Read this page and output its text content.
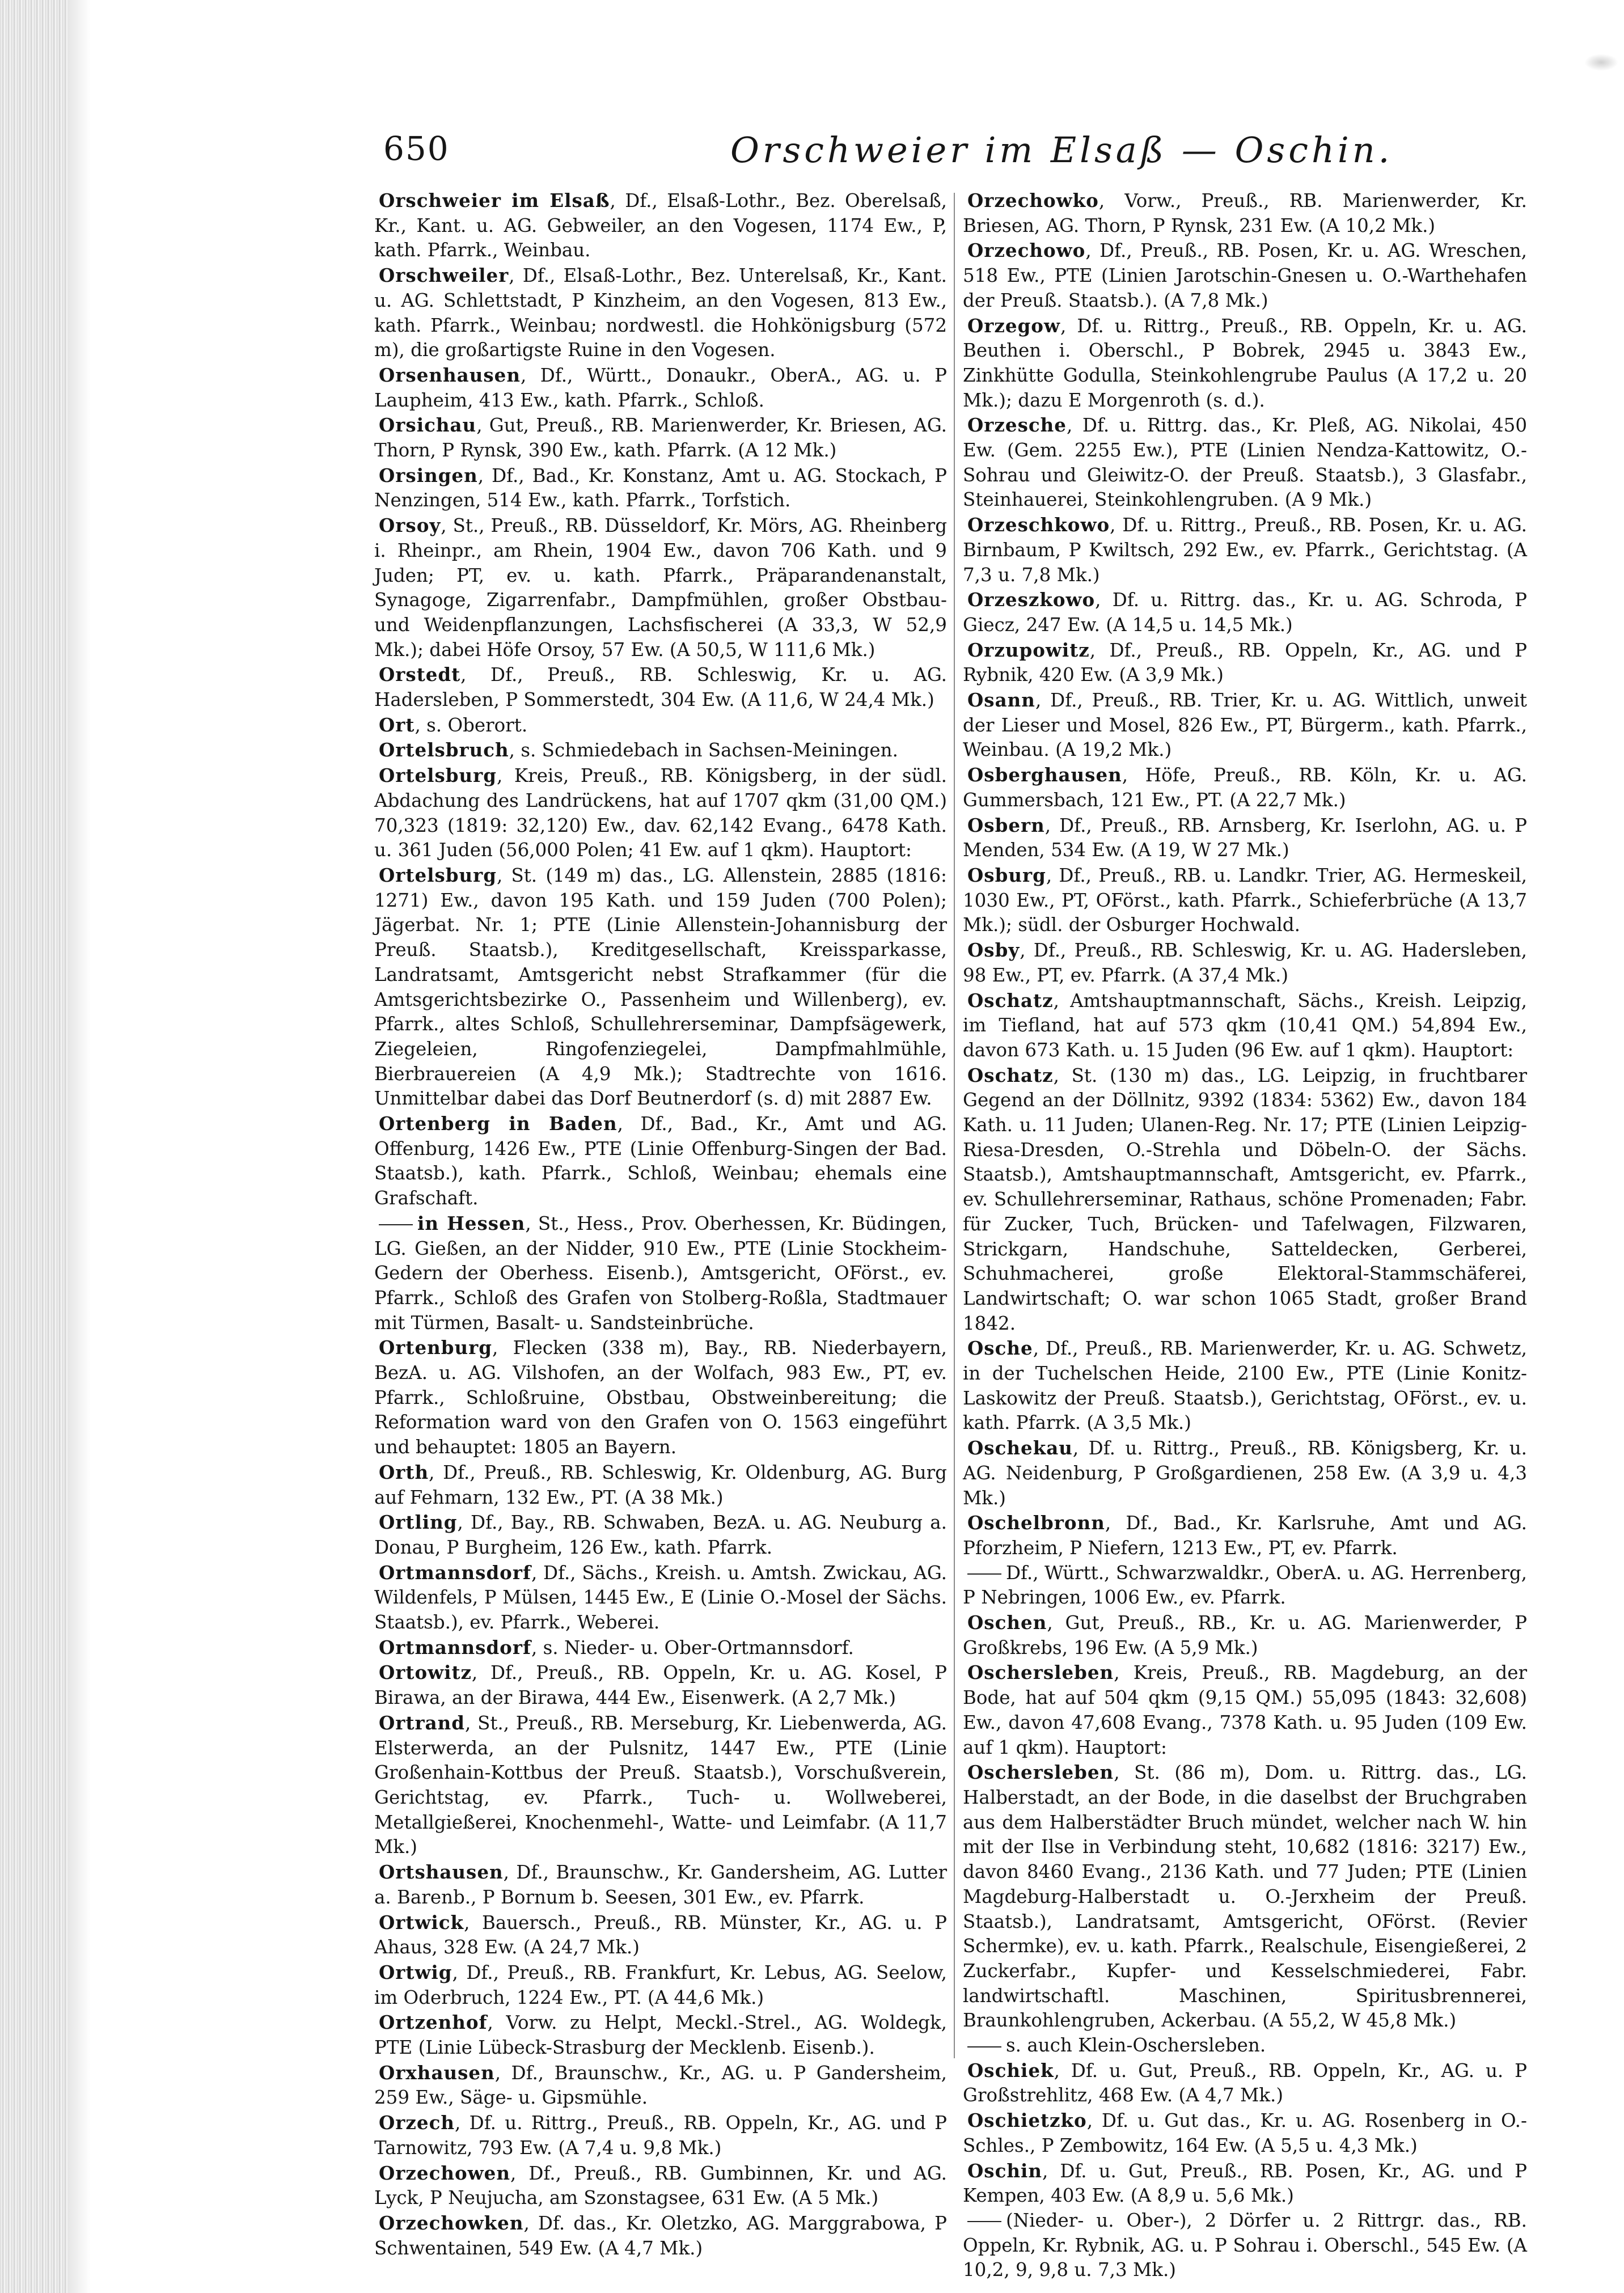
650	Orschweier im Elsaß — Oschin.

Orschweier im Elsaß, Df., Elsaß-Lothr., Bez. Oberelsaß, Kr., Kant. u. AG. Gebweiler, an den Vogesen, 1174 Ew., P, kath. Pfarrk., Weinbau.

Orschweiler, Df., Elsaß-Lothr., Bez. Unterelsaß, Kr., Kant. u. AG. Schlettstadt, P Kinzheim, an den Vogesen, 813 Ew., kath. Pfarrk., Weinbau; nordwestl. die Hohkönigsburg (572 m), die großartigste Ruine in den Vogesen.

Orsenhausen, Df., Württ., Donaukr., OberA., AG. u. P Laupheim, 413 Ew., kath. Pfarrk., Schloß.

Orsichau, Gut, Preuß., RB. Marienwerder, Kr. Briesen, AG. Thorn, P Rynsk, 390 Ew., kath. Pfarrk. (A 12 Mk.)

Orsingen, Df., Bad., Kr. Konstanz, Amt u. AG. Stockach, P Nenzingen, 514 Ew., kath. Pfarrk., Torfstich.

Orsoy, St., Preuß., RB. Düsseldorf, Kr. Mörs, AG. Rheinberg i. Rheinpr., am Rhein, 1904 Ew., davon 706 Kath. und 9 Juden; PT, ev. u. kath. Pfarrk., Präparandenanstalt, Synagoge, Zigarrenfabr., Dampfmühlen, großer Obstbau- und Weidenpflanzungen, Lachsfischerei (A 33,3, W 52,9 Mk.); dabei Höfe Orsoy, 57 Ew. (A 50,5, W 111,6 Mk.)

Orstedt, Df., Preuß., RB. Schleswig, Kr. u. AG. Hadersleben, P Sommerstedt, 304 Ew. (A 11,6, W 24,4 Mk.)

Ort, s. Oberort.

Ortelsbruch, s. Schmiedebach in Sachsen-Meiningen.

Ortelsburg, Kreis, Preuß., RB. Königsberg, in der südl. Abdachung des Landrückens, hat auf 1707 qkm (31,00 QM.) 70,323 (1819: 32,120) Ew., dav. 62,142 Evang., 6478 Kath. u. 361 Juden (56,000 Polen; 41 Ew. auf 1 qkm). Hauptort:

Ortelsburg, St. (149 m) das., LG. Allenstein, 2885 (1816: 1271) Ew., davon 195 Kath. und 159 Juden (700 Polen); Jägerbat. Nr. 1; PTE (Linie Allenstein-Johannisburg der Preuß. Staatsb.), Kreditgesellschaft, Kreissparkasse, Landratsamt, Amtsgericht nebst Strafkammer (für die Amtsgerichtsbezirke O., Passenheim und Willenberg), ev. Pfarrk., altes Schloß, Schullehrerseminar, Dampfsägewerk, Ziegeleien, Ringofenziegelei, Dampfmahlmühle, Bierbrauereien (A 4,9 Mk.); Stadtrechte von 1616. Unmittelbar dabei das Dorf Beutnerdorf (s. d) mit 2887 Ew.

Ortenberg in Baden, Df., Bad., Kr., Amt und AG. Offenburg, 1426 Ew., PTE (Linie Offenburg-Singen der Bad. Staatsb.), kath. Pfarrk., Schloß, Weinbau; ehemals eine Grafschaft.

in Hessen, St., Hess., Prov. Oberhessen, Kr. Büdingen, LG. Gießen, an der Nidder, 910 Ew., PTE (Linie Stockheim-Gedern der Oberhess. Eisenb.), Amtsgericht, OFörst., ev. Pfarrk., Schloß des Grafen von Stolberg-Roßla, Stadtmauer mit Türmen, Basalt- u. Sandsteinbrüche.

Ortenburg, Flecken (338 m), Bay., RB. Niederbayern, BezA. u. AG. Vilshofen, an der Wolfach, 983 Ew., PT, ev. Pfarrk., Schloßruine, Obstbau, Obstweinbereitung; die Reformation ward von den Grafen von O. 1563 eingeführt und behauptet: 1805 an Bayern.

Orth, Df., Preuß., RB. Schleswig, Kr. Oldenburg, AG. Burg auf Fehmarn, 132 Ew., PT. (A 38 Mk.)

Ortling, Df., Bay., RB. Schwaben, BezA. u. AG. Neuburg a. Donau, P Burgheim, 126 Ew., kath. Pfarrk.

Ortmannsdorf, Df., Sächs., Kreish. u. Amtsh. Zwickau, AG. Wildenfels, P Mülsen, 1445 Ew., E (Linie O.-Mosel der Sächs. Staatsb.), ev. Pfarrk., Weberei.

Ortmannsdorf, s. Nieder- u. Ober-Ortmannsdorf.

Ortowitz, Df., Preuß., RB. Oppeln, Kr. u. AG. Kosel, P Birawa, an der Birawa, 444 Ew., Eisenwerk. (A 2,7 Mk.)

Ortrand, St., Preuß., RB. Merseburg, Kr. Liebenwerda, AG. Elsterwerda, an der Pulsnitz, 1447 Ew., PTE (Linie Großenhain-Kottbus der Preuß. Staatsb.), Vorschußverein, Gerichtstag, ev. Pfarrk., Tuch- u. Wollweberei, Metallgießerei, Knochenmehl-, Watte- und Leimfabr. (A 11,7 Mk.)

Ortshausen, Df., Braunschw., Kr. Gandersheim, AG. Lutter a. Barenb., P Bornum b. Seesen, 301 Ew., ev. Pfarrk.

Ortwick, Bauersch., Preuß., RB. Münster, Kr., AG. u. P Ahaus, 328 Ew. (A 24,7 Mk.)

Ortwig, Df., Preuß., RB. Frankfurt, Kr. Lebus, AG. Seelow, im Oderbruch, 1224 Ew., PT. (A 44,6 Mk.)

Ortzenhof, Vorw. zu Helpt, Meckl.-Strel., AG. Woldegk, PTE (Linie Lübeck-Strasburg der Mecklenb. Eisenb.).

Orxhausen, Df., Braunschw., Kr., AG. u. P Gandersheim, 259 Ew., Säge- u. Gipsmühle.

Orzech, Df. u. Rittrg., Preuß., RB. Oppeln, Kr., AG. und P Tarnowitz, 793 Ew. (A 7,4 u. 9,8 Mk.)

Orzechowen, Df., Preuß., RB. Gumbinnen, Kr. und AG. Lyck, P Neujucha, am Szonstagsee, 631 Ew. (A 5 Mk.)

Orzechowken, Df. das., Kr. Oletzko, AG. Marggrabowa, P Schwentainen, 549 Ew. (A 4,7 Mk.)

Orzechowko, Vorw., Preuß., RB. Marienwerder, Kr. Briesen, AG. Thorn, P Rynsk, 231 Ew. (A 10,2 Mk.)

Orzechowo, Df., Preuß., RB. Posen, Kr. u. AG. Wreschen, 518 Ew., PTE (Linien Jarotschin-Gnesen u. O.-Warthehafen der Preuß. Staatsb.). (A 7,8 Mk.)

Orzegow, Df. u. Rittrg., Preuß., RB. Oppeln, Kr. u. AG. Beuthen i. Oberschl., P Bobrek, 2945 u. 3843 Ew., Zinkhütte Godulla, Steinkohlengrube Paulus (A 17,2 u. 20 Mk.); dazu E Morgenroth (s. d.).

Orzesche, Df. u. Rittrg. das., Kr. Pleß, AG. Nikolai, 450 Ew. (Gem. 2255 Ew.), PTE (Linien Nendza-Kattowitz, O.-Sohrau und Gleiwitz-O. der Preuß. Staatsb.), 3 Glasfabr., Steinhauerei, Steinkohlengruben. (A 9 Mk.)

Orzeschkowo, Df. u. Rittrg., Preuß., RB. Posen, Kr. u. AG. Birnbaum, P Kwiltsch, 292 Ew., ev. Pfarrk., Gerichtstag. (A 7,3 u. 7,8 Mk.)

Orzeszkowo, Df. u. Rittrg. das., Kr. u. AG. Schroda, P Giecz, 247 Ew. (A 14,5 u. 14,5 Mk.)

Orzupowitz, Df., Preuß., RB. Oppeln, Kr., AG. und P Rybnik, 420 Ew. (A 3,9 Mk.)

Osann, Df., Preuß., RB. Trier, Kr. u. AG. Wittlich, unweit der Lieser und Mosel, 826 Ew., PT, Bürgerm., kath. Pfarrk., Weinbau. (A 19,2 Mk.)

Osberghausen, Höfe, Preuß., RB. Köln, Kr. u. AG. Gummersbach, 121 Ew., PT. (A 22,7 Mk.)

Osbern, Df., Preuß., RB. Arnsberg, Kr. Iserlohn, AG. u. P Menden, 534 Ew. (A 19, W 27 Mk.)

Osburg, Df., Preuß., RB. u. Landkr. Trier, AG. Hermeskeil, 1030 Ew., PT, OFörst., kath. Pfarrk., Schieferbrüche (A 13,7 Mk.); südl. der Osburger Hochwald.

Osby, Df., Preuß., RB. Schleswig, Kr. u. AG. Hadersleben, 98 Ew., PT, ev. Pfarrk. (A 37,4 Mk.)

Oschatz, Amtshauptmannschaft, Sächs., Kreish. Leipzig, im Tiefland, hat auf 573 qkm (10,41 QM.) 54,894 Ew., davon 673 Kath. u. 15 Juden (96 Ew. auf 1 qkm). Hauptort:

Oschatz, St. (130 m) das., LG. Leipzig, in fruchtbarer Gegend an der Döllnitz, 9392 (1834: 5362) Ew., davon 184 Kath. u. 11 Juden; Ulanen-Reg. Nr. 17; PTE (Linien Leipzig-Riesa-Dresden, O.-Strehla und Döbeln-O. der Sächs. Staatsb.), Amtshauptmannschaft, Amtsgericht, ev. Pfarrk., ev. Schullehrerseminar, Rathaus, schöne Promenaden; Fabr. für Zucker, Tuch, Brücken- und Tafelwagen, Filzwaren, Strickgarn, Handschuhe, Satteldecken, Gerberei, Schuhmacherei, große Elektoral-Stammschäferei, Landwirtschaft; O. war schon 1065 Stadt, großer Brand 1842.

Osche, Df., Preuß., RB. Marienwerder, Kr. u. AG. Schwetz, in der Tuchelschen Heide, 2100 Ew., PTE (Linie Konitz-Laskowitz der Preuß. Staatsb.), Gerichtstag, OFörst., ev. u. kath. Pfarrk. (A 3,5 Mk.)

Oschekau, Df. u. Rittrg., Preuß., RB. Königsberg, Kr. u. AG. Neidenburg, P Großgardienen, 258 Ew. (A 3,9 u. 4,3 Mk.)

Oschelbronn, Df., Bad., Kr. Karlsruhe, Amt und AG. Pforzheim, P Niefern, 1213 Ew., PT, ev. Pfarrk.

Df., Württ., Schwarzwaldkr., OberA. u. AG. Herrenberg, P Nebringen, 1006 Ew., ev. Pfarrk.

Oschen, Gut, Preuß., RB., Kr. u. AG. Marienwerder, P Großkrebs, 196 Ew. (A 5,9 Mk.)

Oschersleben, Kreis, Preuß., RB. Magdeburg, an der Bode, hat auf 504 qkm (9,15 QM.) 55,095 (1843: 32,608) Ew., davon 47,608 Evang., 7378 Kath. u. 95 Juden (109 Ew. auf 1 qkm). Hauptort:

Oschersleben, St. (86 m), Dom. u. Rittrg. das., LG. Halberstadt, an der Bode, in die daselbst der Bruchgraben aus dem Halberstädter Bruch mündet, welcher nach W. hin mit der Ilse in Verbindung steht, 10,682 (1816: 3217) Ew., davon 8460 Evang., 2136 Kath. und 77 Juden; PTE (Linien Magdeburg-Halberstadt u. O.-Jerxheim der Preuß. Staatsb.), Landratsamt, Amtsgericht, OFörst. (Revier Schermke), ev. u. kath. Pfarrk., Realschule, Eisengießerei, 2 Zuckerfabr., Kupfer- und Kesselschmiederei, Fabr. landwirtschaftl. Maschinen, Spiritusbrennerei, Braunkohlengruben, Ackerbau. (A 55,2, W 45,8 Mk.)

s. auch Klein-Oschersleben.

Oschiek, Df. u. Gut, Preuß., RB. Oppeln, Kr., AG. u. P Großstrehlitz, 468 Ew. (A 4,7 Mk.)

Oschietzko, Df. u. Gut das., Kr. u. AG. Rosenberg in O.-Schles., P Zembowitz, 164 Ew. (A 5,5 u. 4,3 Mk.)

Oschin, Df. u. Gut, Preuß., RB. Posen, Kr., AG. und P Kempen, 403 Ew. (A 8,9 u. 5,6 Mk.)

(Nieder- u. Ober-), 2 Dörfer u. 2 Rittrgr. das., RB. Oppeln, Kr. Rybnik, AG. u. P Sohrau i. Oberschl., 545 Ew. (A 10,2, 9, 9,8 u. 7,3 Mk.)
